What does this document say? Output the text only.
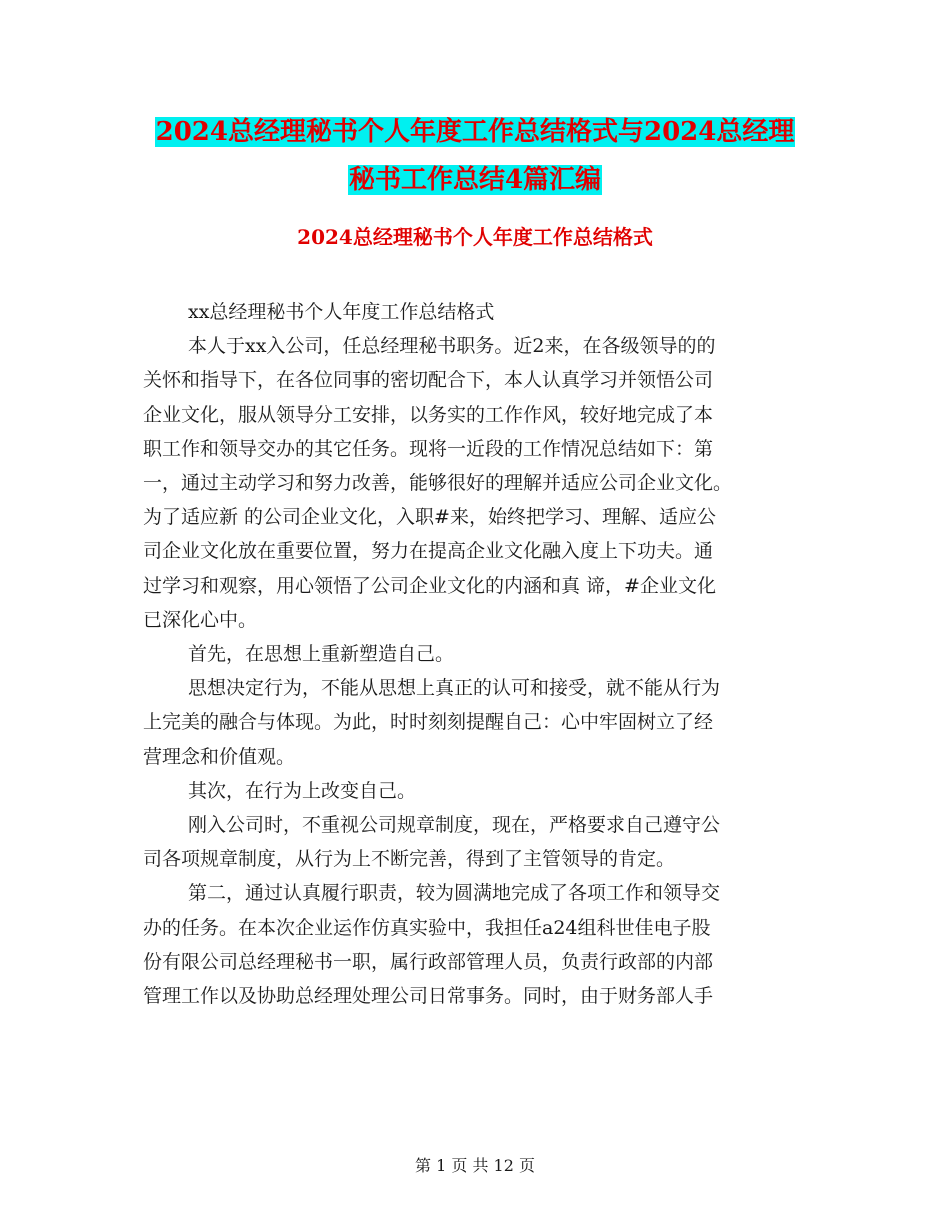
2024总经理秘书个人年度工作总结格式与2024总经理
秘书工作总结4篇汇编
2024总经理秘书个人年度工作总结格式
xx总经理秘书个人年度工作总结格式
本人于xx入公司，任总经理秘书职务。近2来，在各级领导的的
关怀和指导下，在各位同事的密切配合下，本人认真学习并领悟公司
企业文化，服从领导分工安排，以务实的工作作风，较好地完成了本
职工作和领导交办的其它任务。现将一近段的工作情况总结如下：第
一，通过主动学习和努力改善，能够很好的理解并适应公司企业文化。
为了适应新 的公司企业文化，入职#来，始终把学习、理解、适应公
司企业文化放在重要位置，努力在提高企业文化融入度上下功夫。通
过学习和观察，用心领悟了公司企业文化的内涵和真 谛，#企业文化
已深化心中。
首先，在思想上重新塑造自己。
思想决定行为，不能从思想上真正的认可和接受，就不能从行为
上完美的融合与体现。为此，时时刻刻提醒自己：心中牢固树立了经
营理念和价值观。
其次，在行为上改变自己。
刚入公司时，不重视公司规章制度，现在，严格要求自己遵守公
司各项规章制度，从行为上不断完善，得到了主管领导的肯定。
第二，通过认真履行职责，较为圆满地完成了各项工作和领导交
办的任务。在本次企业运作仿真实验中，我担任a24组科世佳电子股
份有限公司总经理秘书一职，属行政部管理人员，负责行政部的内部
管理工作以及协助总经理处理公司日常事务。同时，由于财务部人手
第 1 页 共 12 页
